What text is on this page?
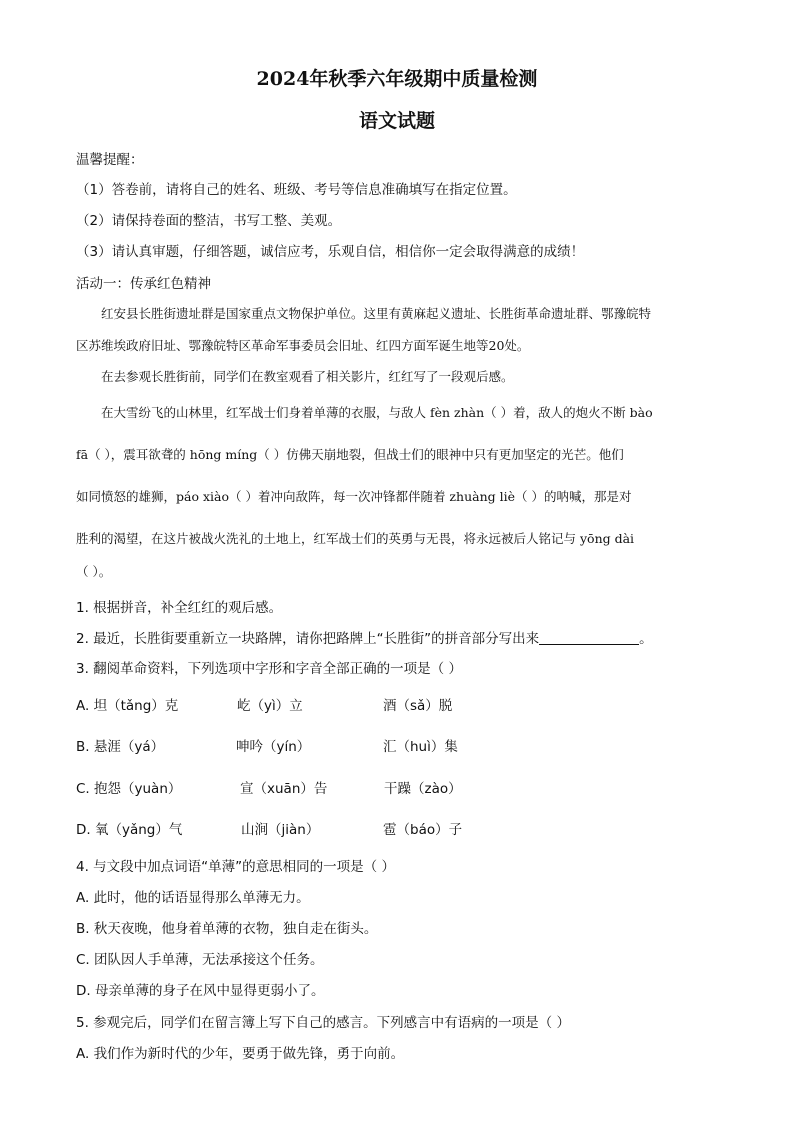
2024年秋季六年级期中质量检测
语文试题
温馨提醒：
（1）答卷前，请将自己的姓名、班级、考号等信息准确填写在指定位置。
（2）请保持卷面的整洁，书写工整、美观。
（3）请认真审题，仔细答题，诚信应考，乐观自信，相信你一定会取得满意的成绩！
活动一：传承红色精神
红安县长胜街遗址群是国家重点文物保护单位。这里有黄麻起义遗址、长胜街革命遗址群、鄂豫皖特
区苏维埃政府旧址、鄂豫皖特区革命军事委员会旧址、红四方面军诞生地等20处。
在去参观长胜街前，同学们在教室观看了相关影片，红红写了一段观后感。
在大雪纷飞的山林里，红军战士们身着单薄的衣服，与敌人 fèn zhàn（ ）着，敌人的炮火不断 bào
fā（ ），震耳欲聋的 hōng míng（ ）仿佛天崩地裂，但战士们的眼神中只有更加坚定的光芒。他们
如同愤怒的雄狮，páo xiào（ ）着冲向敌阵，每一次冲锋都伴随着 zhuàng liè（ ）的呐喊，那是对
胜利的渴望，在这片被战火洗礼的土地上，红军战士们的英勇与无畏，将永远被后人铭记与 yōng dài
（ ）。
1. 根据拼音，补全红红的观后感。
2. 最近，长胜街要重新立一块路牌，请你把路牌上“长胜街”的拼音部分写出来	。
3. 翻阅革命资料，下列选项中字形和字音全部正确的一项是（ ）
A. 坦（tǎng）克	屹（yì）立	酒（sǎ）脱
B. 悬涯（yá）	呻吟（yín）	汇（huì）集
C. 抱怨（yuàn）	宣（xuān）告	干躁（zào）
D. 氧（yǎng）气	山涧（jiàn）	雹（báo）子
4. 与文段中加点词语“单薄”的意思相同的一项是（ ）
A. 此时，他的话语显得那么单薄无力。
B. 秋天夜晚，他身着单薄的衣物，独自走在街头。
C. 团队因人手单薄，无法承接这个任务。
D. 母亲单薄的身子在风中显得更弱小了。
5. 参观完后，同学们在留言簿上写下自己的感言。下列感言中有语病的一项是（ ）
A. 我们作为新时代的少年，要勇于做先锋，勇于向前。
